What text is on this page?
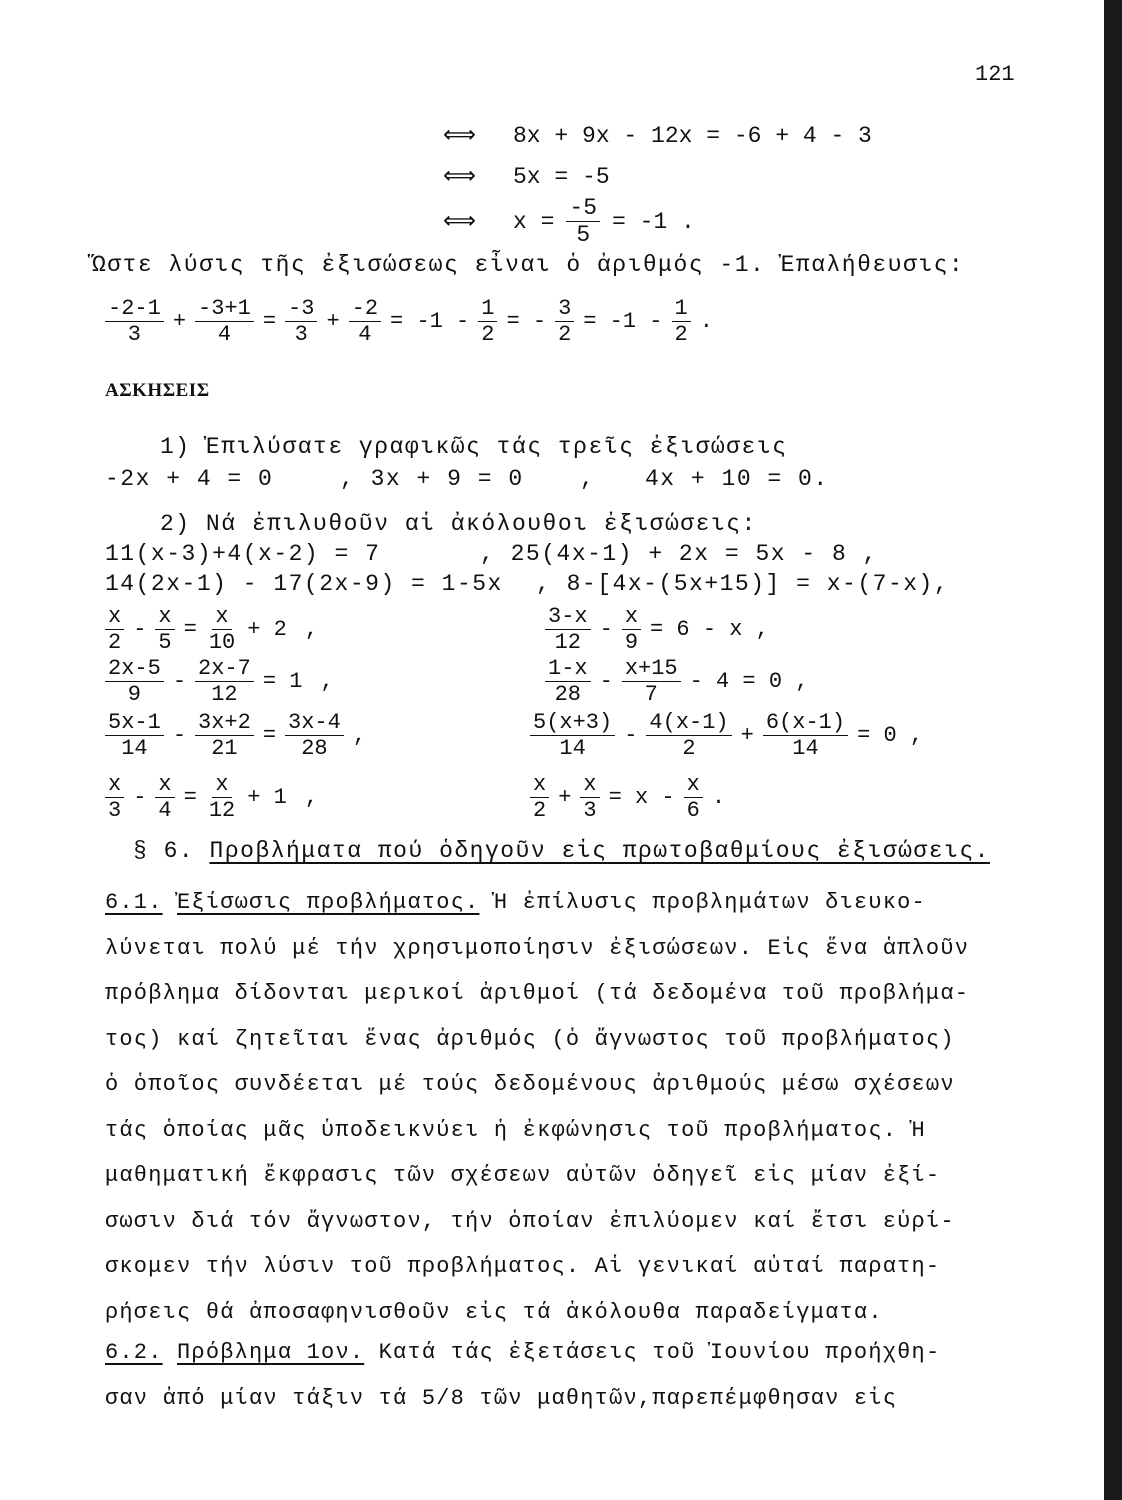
121
⟺ 8x + 9x - 12x = -6 + 4 - 3
⟺ 5x = -5
⟺	$x = \frac{-5}{5} = -1$ .
Ὥστε λύσις τῆς ἐξισώσεως εἶναι ὁ ἀριθμός -1. Ἐπαλήθευσις:
$\frac{-2-1}{3} + \frac{-3+1}{4} = \frac{-3}{3} + \frac{-2}{4} = -1 - \frac{1}{2}$ = - $\frac{3}{2} = -1 - \frac{1}{2}$ .
ΑΣΚΗΣΕΙΣ
1) Ἐπιλύσατε γραφικῶς τάς τρεῖς ἐξισώσεις
-2x + 4 = 0	, 3x + 9 = 0 , 4x + 10 = 0.
2) Νά ἐπιλυθοῦν αἱ ἀκόλουθοι ἐξισώσεις:
11(x-3)+4(x-2) = 7	, 25(4x-1) + 2x = 5x - 8 ,
14(2x-1) - 17(2x-9) = 1-5x , 8-[4x-(5x+15)] = x-(7-x),
$\frac{x}{2} - \frac{x}{5} = \frac{x}{10} + 2$ ,	$\frac{3-x}{12} - \frac{x}{9} = 6 - x$ ,
$\frac{2x-5}{9} - \frac{2x-7}{12} = 1$ ,	$\frac{1-x}{28} - \frac{x+15}{7} - 4 = 0$ ,
$\frac{5x-1}{14} - \frac{3x+2}{21} = \frac{3x-4}{28}$ ,	$\frac{5(x+3)}{14} - \frac{4(x-1)}{2} + \frac{6(x-1)}{14} = 0$ ,
$\frac{x}{3} - \frac{x}{4} = \frac{x}{12} + 1$ ,	$\frac{x}{2} + \frac{x}{3} = x - \frac{x}{6}$ .
§ 6. Προβλήματα πού ὁδηγοῦν εἰς πρωτοβαθμίους ἐξισώσεις.
6.1. Ἐξίσωσις προβλήματος. Ἡ ἐπίλυσις προβλημάτων διευκο-
λύνεται πολύ μέ τήν χρησιμοποίησιν ἐξισώσεων. Εἰς ἕνα ἁπλοῦν
πρόβλημα δίδονται μερικοί ἀριθμοί (τά δεδομένα τοῦ προβλήμα-
τος) καί ζητεῖται ἕνας ἀριθμός (ὁ ἄγνωστος τοῦ προβλήματος)
ὁ ὁποῖος συνδέεται μέ τούς δεδομένους ἀριθμούς μέσω σχέσεων
τάς ὁποίας μᾶς ὑποδεικνύει ἡ ἐκφώνησις τοῦ προβλήματος. Ἡ
μαθηματική ἔκφρασις τῶν σχέσεων αὐτῶν ὁδηγεῖ εἰς μίαν ἐξί-
σωσιν διά τόν ἄγνωστον, τήν ὁποίαν ἐπιλύομεν καί ἔτσι εὑρί-
σκομεν τήν λύσιν τοῦ προβλήματος. Αἱ γενικαί αὐταί παρατη-
ρήσεις θά ἀποσαφηνισθοῦν εἰς τά ἀκόλουθα παραδείγματα.
6.2. Πρόβλημα 1ον. Κατά τάς ἐξετάσεις τοῦ Ἰουνίου προήχθη-
σαν ἀπό μίαν τάξιν τά 5/8 τῶν μαθητῶν,παρεπέμφθησαν εἰς
